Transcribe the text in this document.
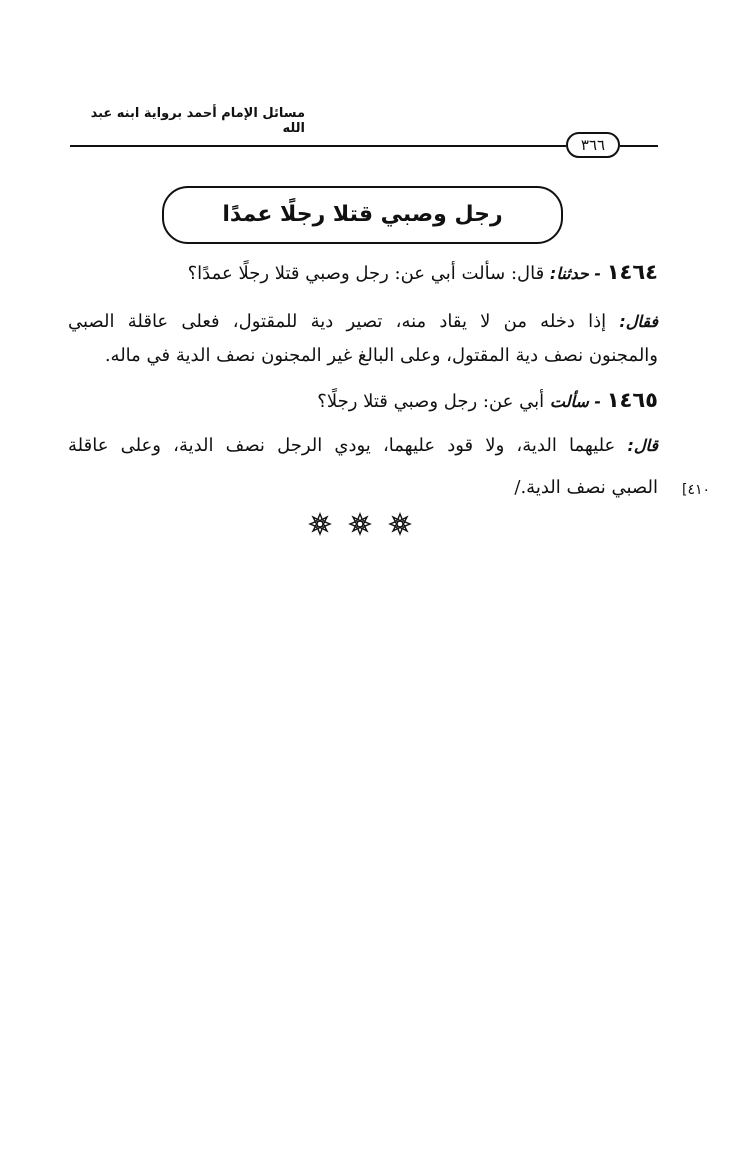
مسائل الإمام أحمد برواية ابنه عبد الله
٣٦٦
رجل وصبي قتلا رجلًا عمدًا
١٤٦٤ - حدثنا: قال: سألت أبي عن: رجل وصبي قتلا رجلًا عمدًا؟
فقال: إذا دخله من لا يقاد منه، تصير دية للمقتول، فعلى عاقلة الصبي
والمجنون نصف دية المقتول، وعلى البالغ غير المجنون نصف الدية في ماله.
١٤٦٥ - سألت أبي عن: رجل وصبي قتلا رجلًا؟
قال: عليهما الدية، ولا قود عليهما، يودي الرجل نصف الدية، وعلى عاقلة
الصبي نصف الدية./ [٤١٠
